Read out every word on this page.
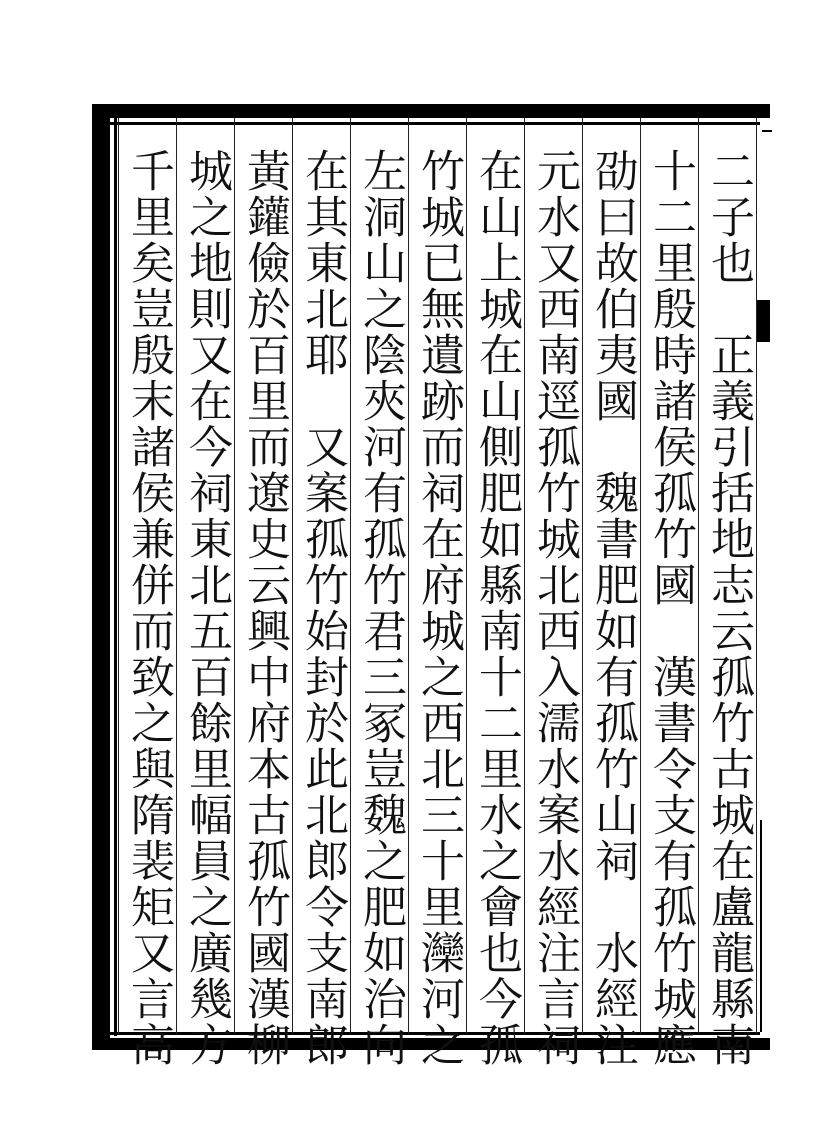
二子也　正義引括地志云孤竹古城在盧龍縣南
十二里殷時諸侯孤竹國　漢書令支有孤竹城應
劭曰故伯夷國　魏書肥如有孤竹山祠　水經注
元水又西南逕孤竹城北西入濡水案水經注言祠
在山上城在山側肥如縣南十二里水之會也今孤
竹城已無遺跡而祠在府城之西北三十里灤河之
左洞山之陰夾河有孤竹君三冢豈魏之肥如治向
在其東北耶　又案孤竹始封於此北郎令支南郎
黃鑵儉於百里而遼史云興中府本古孤竹國漢柳
城之地則又在今祠東北五百餘里幅員之廣幾方
千里矣豈殷末諸侯兼併而致之與隋裴矩又言高
